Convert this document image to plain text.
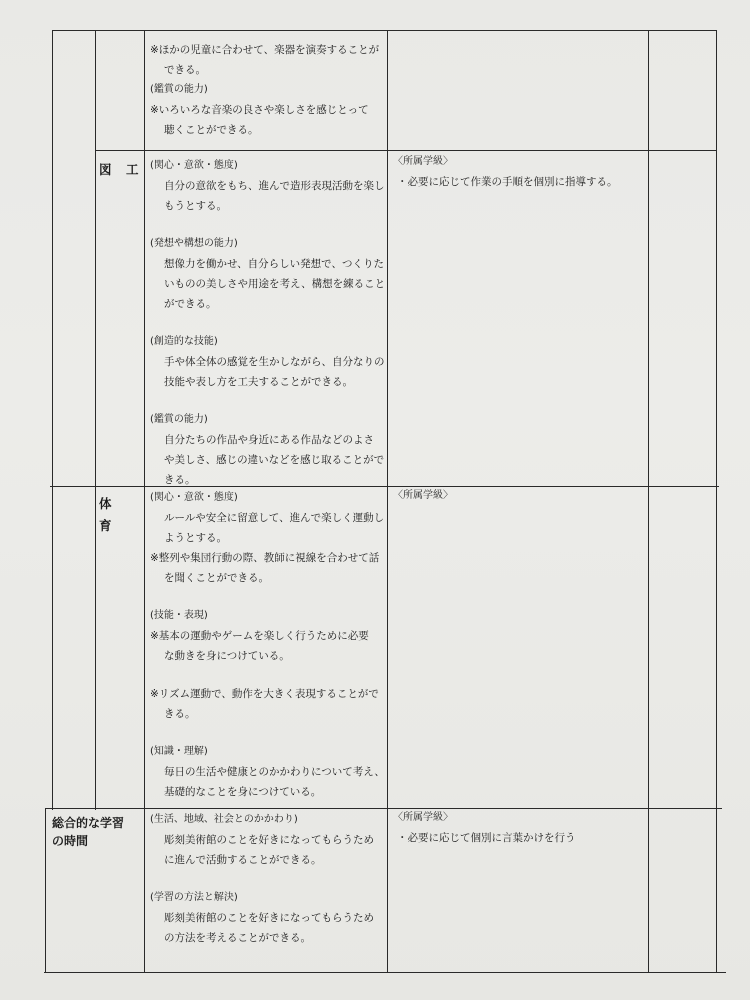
※ほかの児童に合わせて、楽器を演奏することが
できる。
(鑑賞の能力)
※いろいろな音楽の良さや楽しさを感じとって
聴くことができる。
図　工 (関心・意欲・態度)
自分の意欲をもち、進んで造形表現活動を楽し
もうとする。
(発想や構想の能力)
想像力を働かせ、自分らしい発想で、つくりた
いものの美しさや用途を考え、構想を練ること
ができる。
(創造的な技能)
手や体全体の感覚を生かしながら、自分なりの
技能や表し方を工夫することができる。
(鑑賞の能力)
自分たちの作品や身近にある作品などのよさ
や美しさ、感じの違いなどを感じ取ることがで
きる。
〈所属学級〉
・必要に応じて作業の手順を個別に指導する。
体
育
(関心・意欲・態度)
ルールや安全に留意して、進んで楽しく運動し
ようとする。
※整列や集団行動の際、教師に視線を合わせて話
を聞くことができる。
(技能・表現)
※基本の運動やゲームを楽しく行うために必要
な動きを身につけている。
※リズム運動で、動作を大きく表現することがで
きる。
(知識・理解)
毎日の生活や健康とのかかわりについて考え、
基礎的なことを身につけている。
〈所属学級〉
総合的な学習
の時間
(生活、地域、社会とのかかわり)
彫刻美術館のことを好きになってもらうため
に進んで活動することができる。
(学習の方法と解決)
彫刻美術館のことを好きになってもらうため
の方法を考えることができる。
〈所属学級〉
・必要に応じて個別に言葉かけを行う
